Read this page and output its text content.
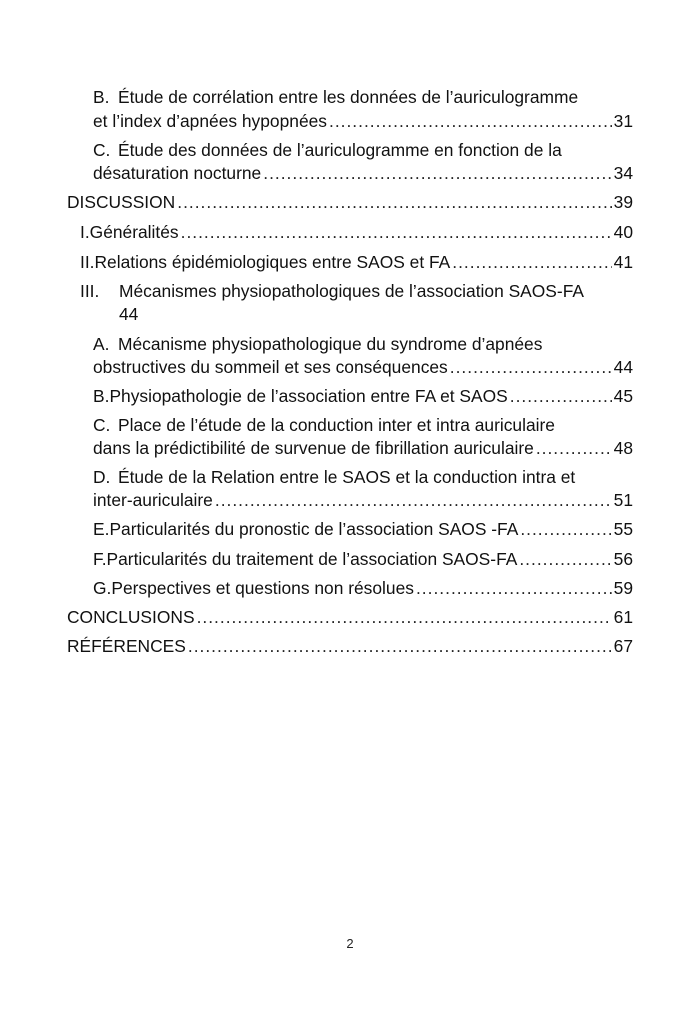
B. Étude de corrélation entre les données de l’auriculogramme
et l’index d’apnées hypopnées .....	31
C. Étude des données de l’auriculogramme en fonction de la
désaturation nocturne .....	34
DISCUSSION .....	39
I. Généralités .....	40
II. Relations épidémiologiques entre SAOS et FA .....	41
III. Mécanismes physiopathologiques de l’association SAOS-FA
44
A. Mécanisme physiopathologique du syndrome d’apnées
obstructives du sommeil et ses conséquences .....	44
B. Physiopathologie de l’association entre FA et SAOS .....	45
C. Place de l’étude de la conduction inter et intra auriculaire
dans la prédictibilité de survenue de fibrillation auriculaire .....	48
D. Étude de la Relation entre le SAOS et la conduction intra et
inter-auriculaire .....	51
E. Particularités du pronostic de l’association SAOS -FA .....	55
F. Particularités du traitement de l’association SAOS-FA .....	56
G. Perspectives et questions non résolues .....	59
CONCLUSIONS .....	61
RÉFÉRENCES .....	67
2
